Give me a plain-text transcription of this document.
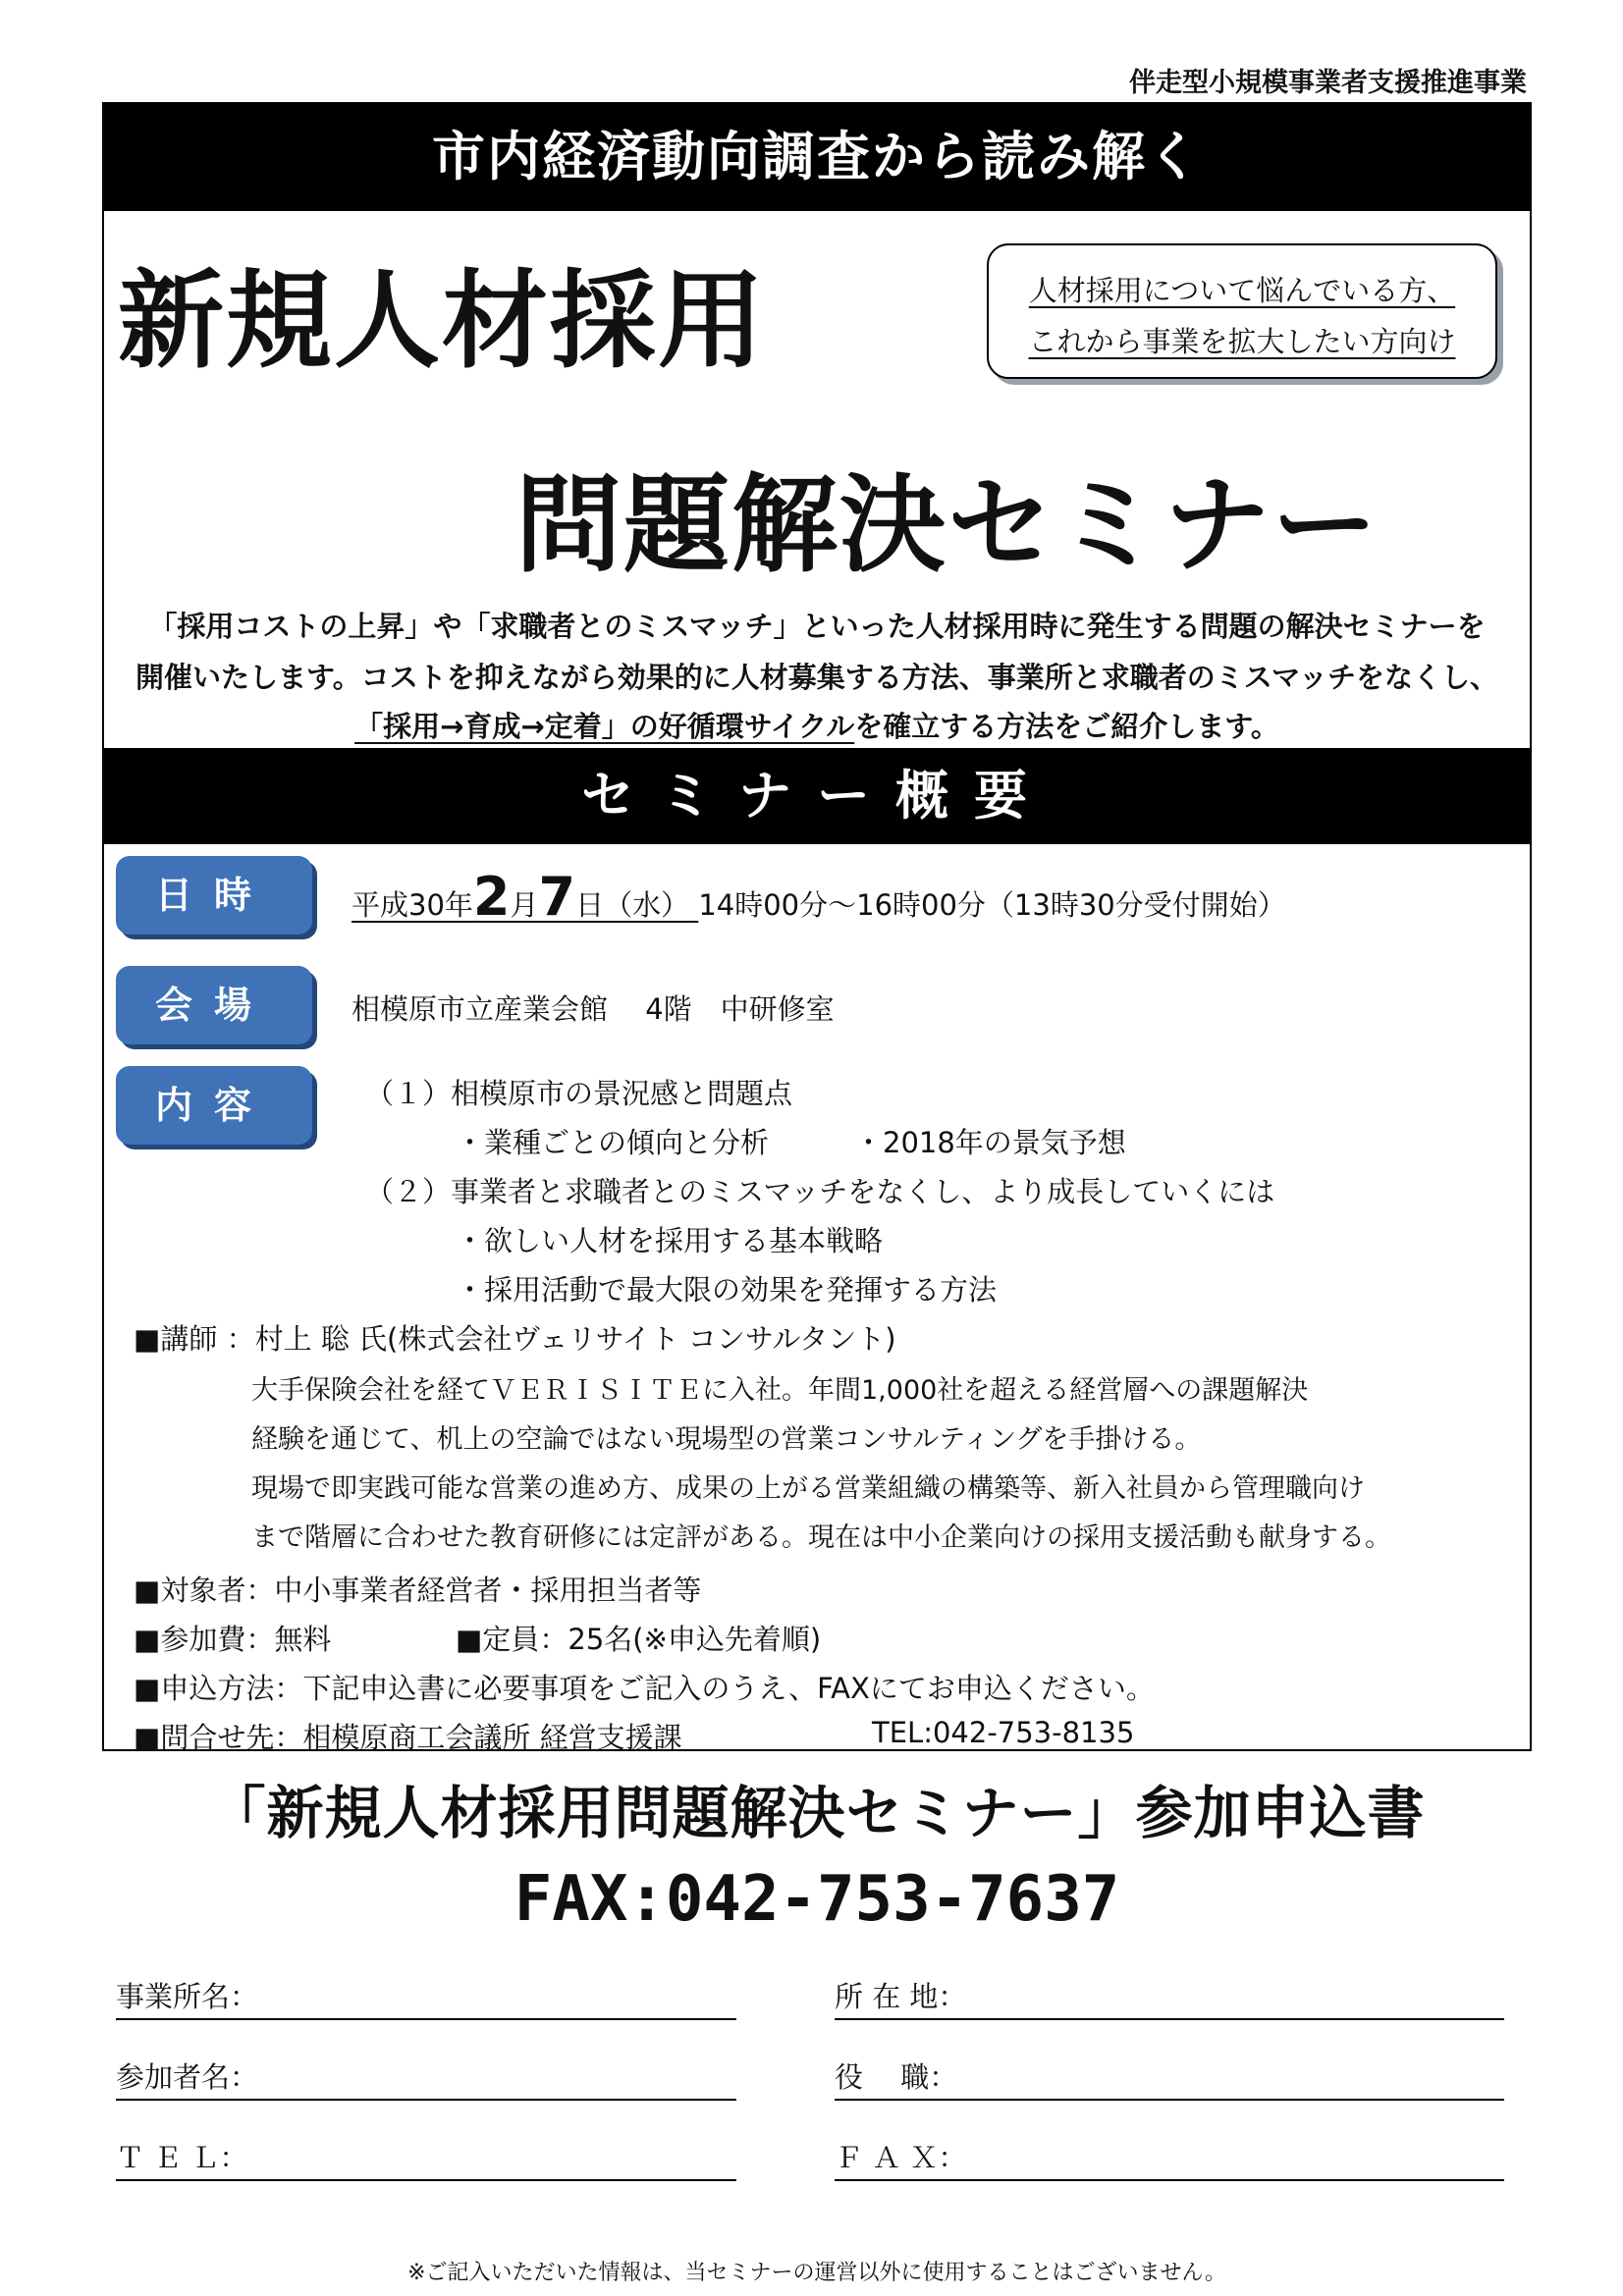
伴走型小規模事業者支援推進事業
市内経済動向調査から読み解く
新規人材採用	人材採用について悩んでいる方、
これから事業を拡大したい方向け
問題解決セミナー
「採用コストの上昇」や「求職者とのミスマッチ」といった人材採用時に発生する問題の解決セミナーを
開催いたします。コストを抑えながら効果的に人材募集する方法、事業所と求職者のミスマッチをなくし、
「採用→育成→定着」の好循環サイクルを確立する方法をご紹介します。
セミナー概要
日時	平成30年2月7日（水） 14時00分～16時00分（13時30分受付開始）
会場	相模原市立産業会館　 4階　中研修室
内容	（１）相模原市の景況感と問題点
・業種ごとの傾向と分析　　　・2018年の景気予想
（２）事業者と求職者とのミスマッチをなくし、より成長していくには
・欲しい人材を採用する基本戦略
・採用活動で最大限の効果を発揮する方法
■講師 ：村上 聡 氏(株式会社ヴェリサイト コンサルタント)
大手保険会社を経てＶＥＲＩＳＩＴＥに入社。年間1,000社を超える経営層への課題解決
経験を通じて、机上の空論ではない現場型の営業コンサルティングを手掛ける。
現場で即実践可能な営業の進め方、成果の上がる営業組織の構築等、新入社員から管理職向け
まで階層に合わせた教育研修には定評がある。現在は中小企業向けの採用支援活動も献身する。
■対象者：中小事業者経営者・採用担当者等
■参加費：無料	■定員：25名(※申込先着順)
■申込方法：下記申込書に必要事項をご記入のうえ、FAXにてお申込ください。
■問合せ先：相模原商工会議所 経営支援課	TEL:042-753-8135
「新規人材採用問題解決セミナー」参加申込書
FAX:042-753-7637
事業所名：	所 在 地：
参加者名：	役　 職：
Ｔ Ｅ Ｌ：	Ｆ Ａ Ｘ：
※ご記入いただいた情報は、当セミナーの運営以外に使用することはございません。
